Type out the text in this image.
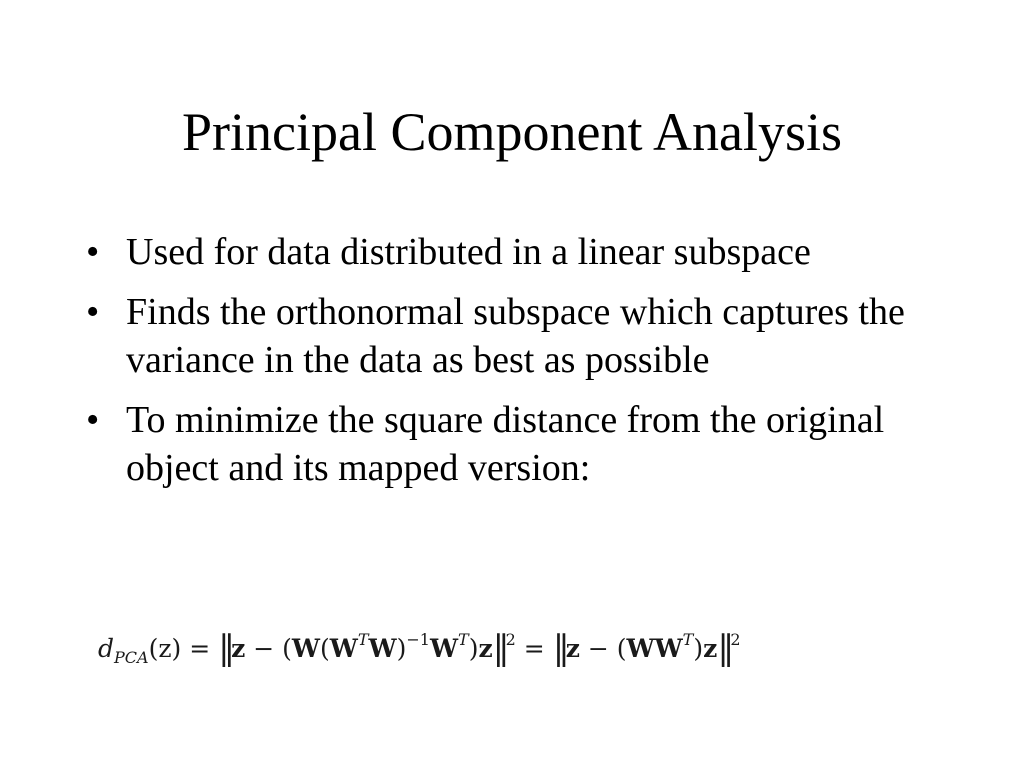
Principal Component Analysis
• Used for data distributed in a linear subspace
• Finds the orthonormal subspace which captures the variance in the data as best as possible
• To minimize the square distance from the original object and its mapped version:
$d_{PCA}(z)$ = ‖z − $(W(W^TW)^{-1}W^T)z‖^2$ = ‖z − $(WW^T)z‖^2$
